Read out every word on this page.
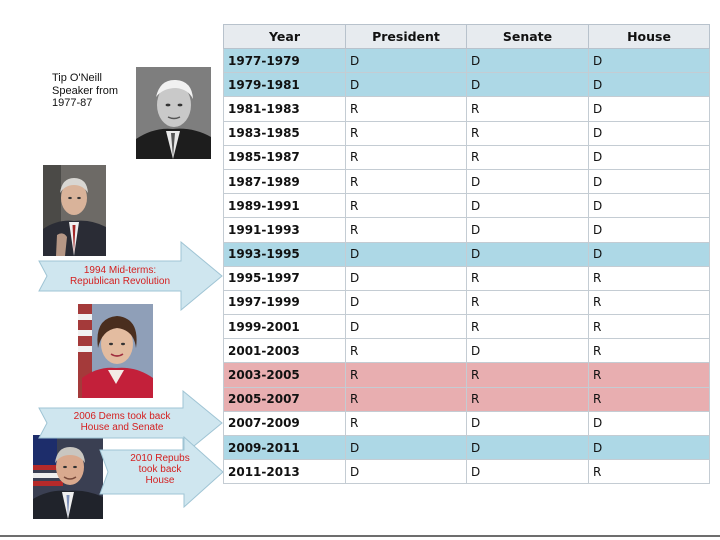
Tip O'Neill
Speaker from
1977-87
1994 Mid-terms:
Republican Revolution
2006 Dems took back
House and Senate
2010 Repubs
took back
House
Year	President	Senate	House
1977-1979	D	D	D
1979-1981	D	D	D
1981-1983	R	R	D
1983-1985	R	R	D
1985-1987	R	R	D
1987-1989	R	D	D
1989-1991	R	D	D
1991-1993	R	D	D
1993-1995	D	D	D
1995-1997	D	R	R
1997-1999	D	R	R
1999-2001	D	R	R
2001-2003	R	D	R
2003-2005	R	R	R
2005-2007	R	R	R
2007-2009	R	D	D
2009-2011	D	D	D
2011-2013	D	D	R
